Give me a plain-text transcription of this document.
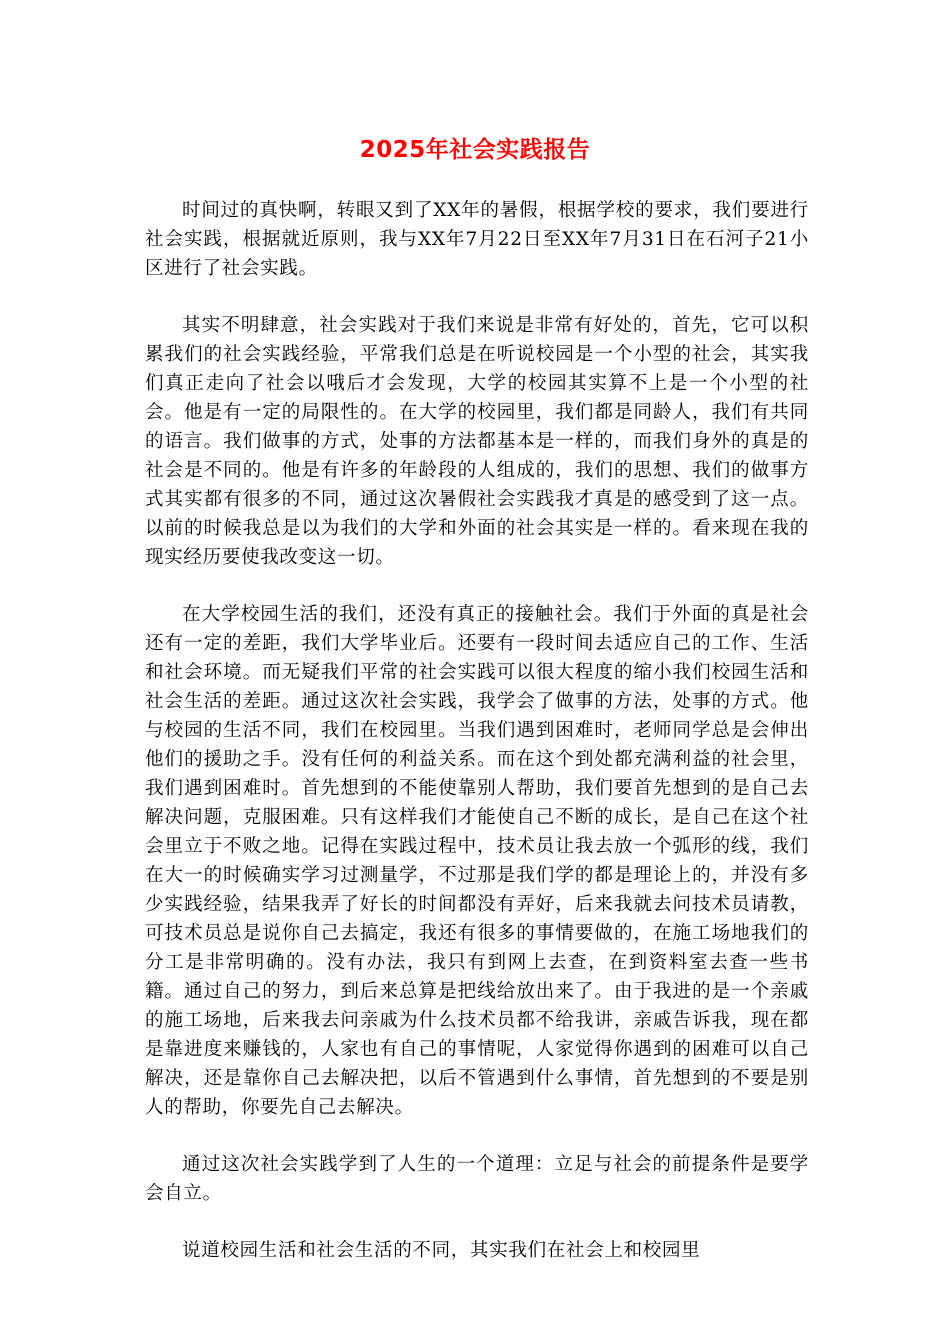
2025年社会实践报告

时间过的真快啊，转眼又到了XX年的暑假，根据学校的要求，我们要进行社会实践，根据就近原则，我与XX年7月22日至XX年7月31日在石河子21小区进行了社会实践。

其实不明肆意，社会实践对于我们来说是非常有好处的，首先，它可以积累我们的社会实践经验，平常我们总是在听说校园是一个小型的社会，其实我们真正走向了社会以哦后才会发现，大学的校园其实算不上是一个小型的社会。他是有一定的局限性的。在大学的校园里，我们都是同龄人，我们有共同的语言。我们做事的方式，处事的方法都基本是一样的，而我们身外的真是的社会是不同的。他是有许多的年龄段的人组成的，我们的思想、我们的做事方式其实都有很多的不同，通过这次暑假社会实践我才真是的感受到了这一点。以前的时候我总是以为我们的大学和外面的社会其实是一样的。看来现在我的现实经历要使我改变这一切。

在大学校园生活的我们，还没有真正的接触社会。我们于外面的真是社会还有一定的差距，我们大学毕业后。还要有一段时间去适应自己的工作、生活和社会环境。而无疑我们平常的社会实践可以很大程度的缩小我们校园生活和社会生活的差距。通过这次社会实践，我学会了做事的方法，处事的方式。他与校园的生活不同，我们在校园里。当我们遇到困难时，老师同学总是会伸出他们的援助之手。没有任何的利益关系。而在这个到处都充满利益的社会里，我们遇到困难时。首先想到的不能使靠别人帮助，我们要首先想到的是自己去解决问题，克服困难。只有这样我们才能使自己不断的成长，是自己在这个社会里立于不败之地。记得在实践过程中，技术员让我去放一个弧形的线，我们在大一的时候确实学习过测量学，不过那是我们学的都是理论上的，并没有多少实践经验，结果我弄了好长的时间都没有弄好，后来我就去问技术员请教，可技术员总是说你自己去搞定，我还有很多的事情要做的，在施工场地我们的分工是非常明确的。没有办法，我只有到网上去查，在到资料室去查一些书籍。通过自己的努力，到后来总算是把线给放出来了。由于我进的是一个亲戚的施工场地，后来我去问亲戚为什么技术员都不给我讲，亲戚告诉我，现在都是靠进度来赚钱的，人家也有自己的事情呢，人家觉得你遇到的困难可以自己解决，还是靠你自己去解决把，以后不管遇到什么事情，首先想到的不要是别人的帮助，你要先自己去解决。

通过这次社会实践学到了人生的一个道理：立足与社会的前提条件是要学会自立。

说道校园生活和社会生活的不同，其实我们在社会上和校园里
